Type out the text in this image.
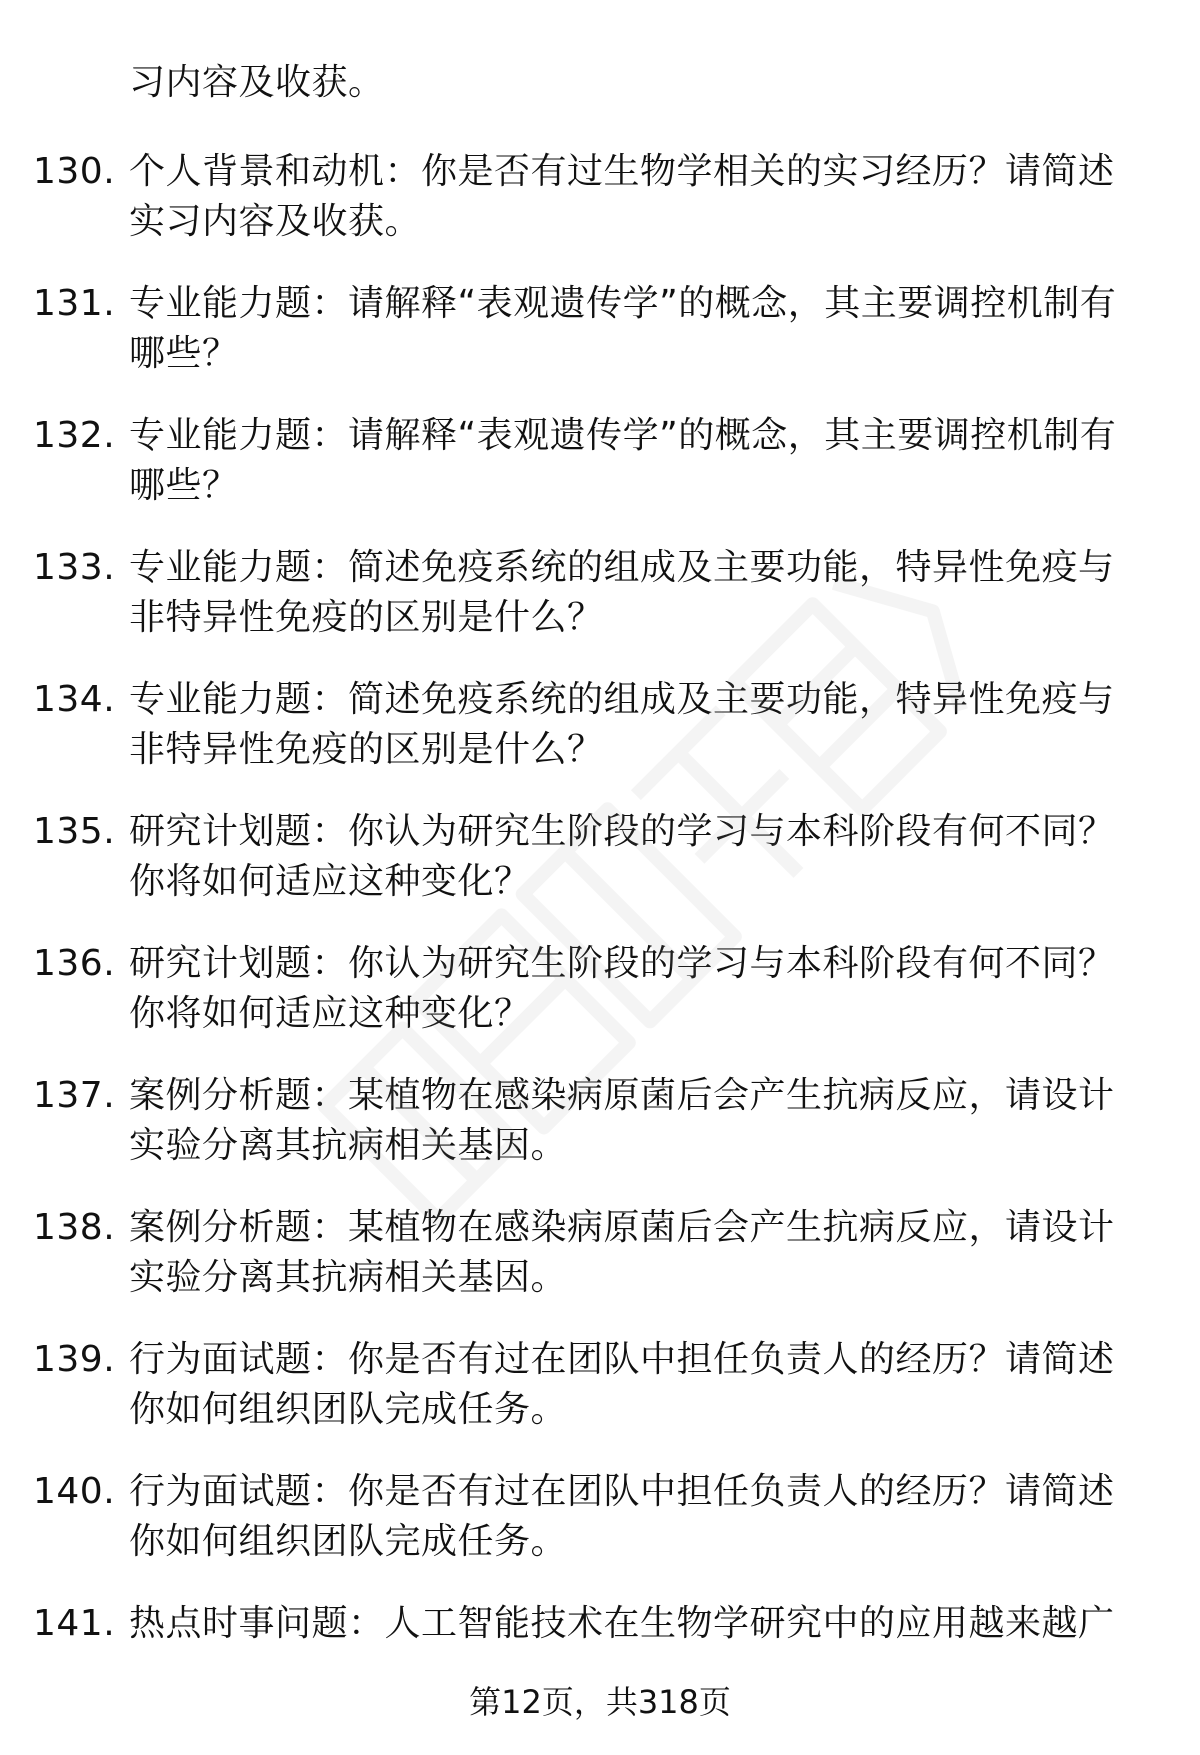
习内容及收获。

130. 个人背景和动机：你是否有过生物学相关的实习经历？请简述实习内容及收获。

131. 专业能力题：请解释“表观遗传学”的概念，其主要调控机制有哪些？

132. 专业能力题：请解释“表观遗传学”的概念，其主要调控机制有哪些？

133. 专业能力题：简述免疫系统的组成及主要功能，特异性免疫与非特异性免疫的区别是什么？

134. 专业能力题：简述免疫系统的组成及主要功能，特异性免疫与非特异性免疫的区别是什么？

135. 研究计划题：你认为研究生阶段的学习与本科阶段有何不同？你将如何适应这种变化？

136. 研究计划题：你认为研究生阶段的学习与本科阶段有何不同？你将如何适应这种变化？

137. 案例分析题：某植物在感染病原菌后会产生抗病反应，请设计实验分离其抗病相关基因。

138. 案例分析题：某植物在感染病原菌后会产生抗病反应，请设计实验分离其抗病相关基因。

139. 行为面试题：你是否有过在团队中担任负责人的经历？请简述你如何组织团队完成任务。

140. 行为面试题：你是否有过在团队中担任负责人的经历？请简述你如何组织团队完成任务。

141. 热点时事问题：人工智能技术在生物学研究中的应用越来越广

第12页，共318页
